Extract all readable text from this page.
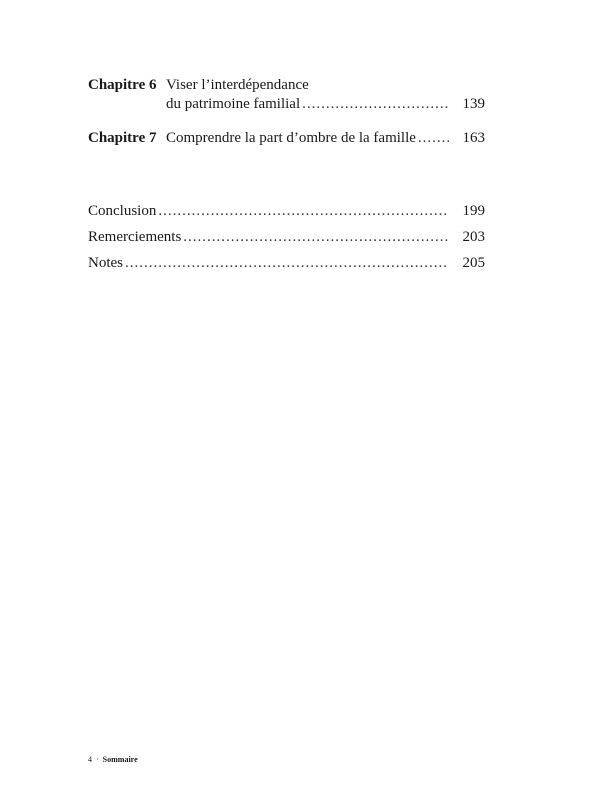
Chapitre 6 Viser l’interdépendance
du patrimoine familial .....	139
Chapitre 7 Comprendre la part d’ombre de la famille .....	163
Conclusion .....	199
Remerciements .....	203
Notes .....	205
4 · Sommaire
